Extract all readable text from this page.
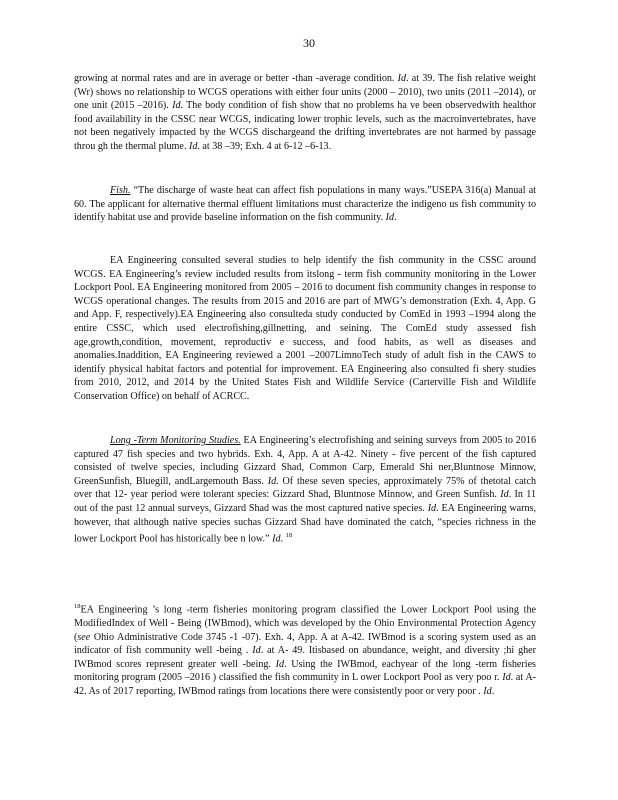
30

growing at normal rates and are in average or better -than -average condition. Id. at 39. The fish relative weight (Wr) shows no relationship to WCGS operations with either four units (2000 – 2010), two units (2011 –2014), or one unit (2015 –2016). Id. The body condition of fish show that no problems ha ve been observedwith healthor food availability in the CSSC near WCGS, indicating lower trophic levels, such as the macroinvertebrates, have not been negatively impacted by the WCGS dischargeand the drifting invertebrates are not harmed by passage throu gh the thermal plume. Id. at 38 –39; Exh. 4 at 6-12 –6-13.

Fish. “The discharge of waste heat can affect fish populations in many ways.”USEPA 316(a) Manual at 60. The applicant for alternative thermal effluent limitations must characterize the indigeno us fish community to identify habitat use and provide baseline information on the fish community. Id.

EA Engineering consulted several studies to help identify the fish community in the CSSC around WCGS. EA Engineering’s review included results from itslong - term fish community monitoring in the Lower Lockport Pool. EA Engineering monitored from 2005 – 2016 to document fish community changes in response to WCGS operational changes. The results from 2015 and 2016 are part of MWG’s demonstration (Exh. 4, App. G and App. F, respectively).EA Engineering also consulteda study conducted by ComEd in 1993 –1994 along the entire CSSC, which used electrofishing,gillnetting, and seining. The ComEd study assessed fish age,growth,condition, movement, reproductiv e success, and food habits, as well as diseases and anomalies.Inaddition, EA Engineering reviewed a 2001 –2007LimnoTech study of adult fish in the CAWS to identify physical habitat factors and potential for improvement. EA Engineering also consulted fi shery studies from 2010, 2012, and 2014 by the United States Fish and Wildlife Service (Carterville Fish and Wildlife Conservation Office) on behalf of ACRCC.

Long -Term Monitoring Studies. EA Engineering’s electrofishing and seining surveys from 2005 to 2016 captured 47 fish species and two hybrids. Exh. 4, App. A at A-42. Ninety - five percent of the fish captured consisted of twelve species, including Gizzard Shad, Common Carp, Emerald Shi ner,Bluntnose Minnow, GreenSunfish, Bluegill, andLargemouth Bass. Id. Of these seven species, approximately 75% of thetotal catch over that 12- year period were tolerant species: Gizzard Shad, Bluntnose Minnow, and Green Sunfish. Id. In 11 out of the past 12 annual surveys, Gizzard Shad was the most captured native species. Id. EA Engineering warns, however, that although native species suchas Gizzard Shad have dominated the catch, “species richness in the lower Lockport Pool has historically bee n low.” Id. $^{18}$

$^{18}$EA Engineering ’s long -term fisheries monitoring program classified the Lower Lockport Pool using the ModifiedIndex of Well - Being (IWBmod), which was developed by the Ohio Environmental Protection Agency (see Ohio Administrative Code 3745 -1 -07). Exh. 4, App. A at A-42. IWBmod is a scoring system used as an indicator of fish community well -being . Id. at A- 49. Itisbased on abundance, weight, and diversity ;hi gher IWBmod scores represent greater well -being. Id. Using the IWBmod, eachyear of the long -term fisheries monitoring program (2005 –2016 ) classified the fish community in L ower Lockport Pool as very poo r. Id. at A-42. As of 2017 reporting, IWBmod ratings from locations there were consistently poor or very poor . Id.
